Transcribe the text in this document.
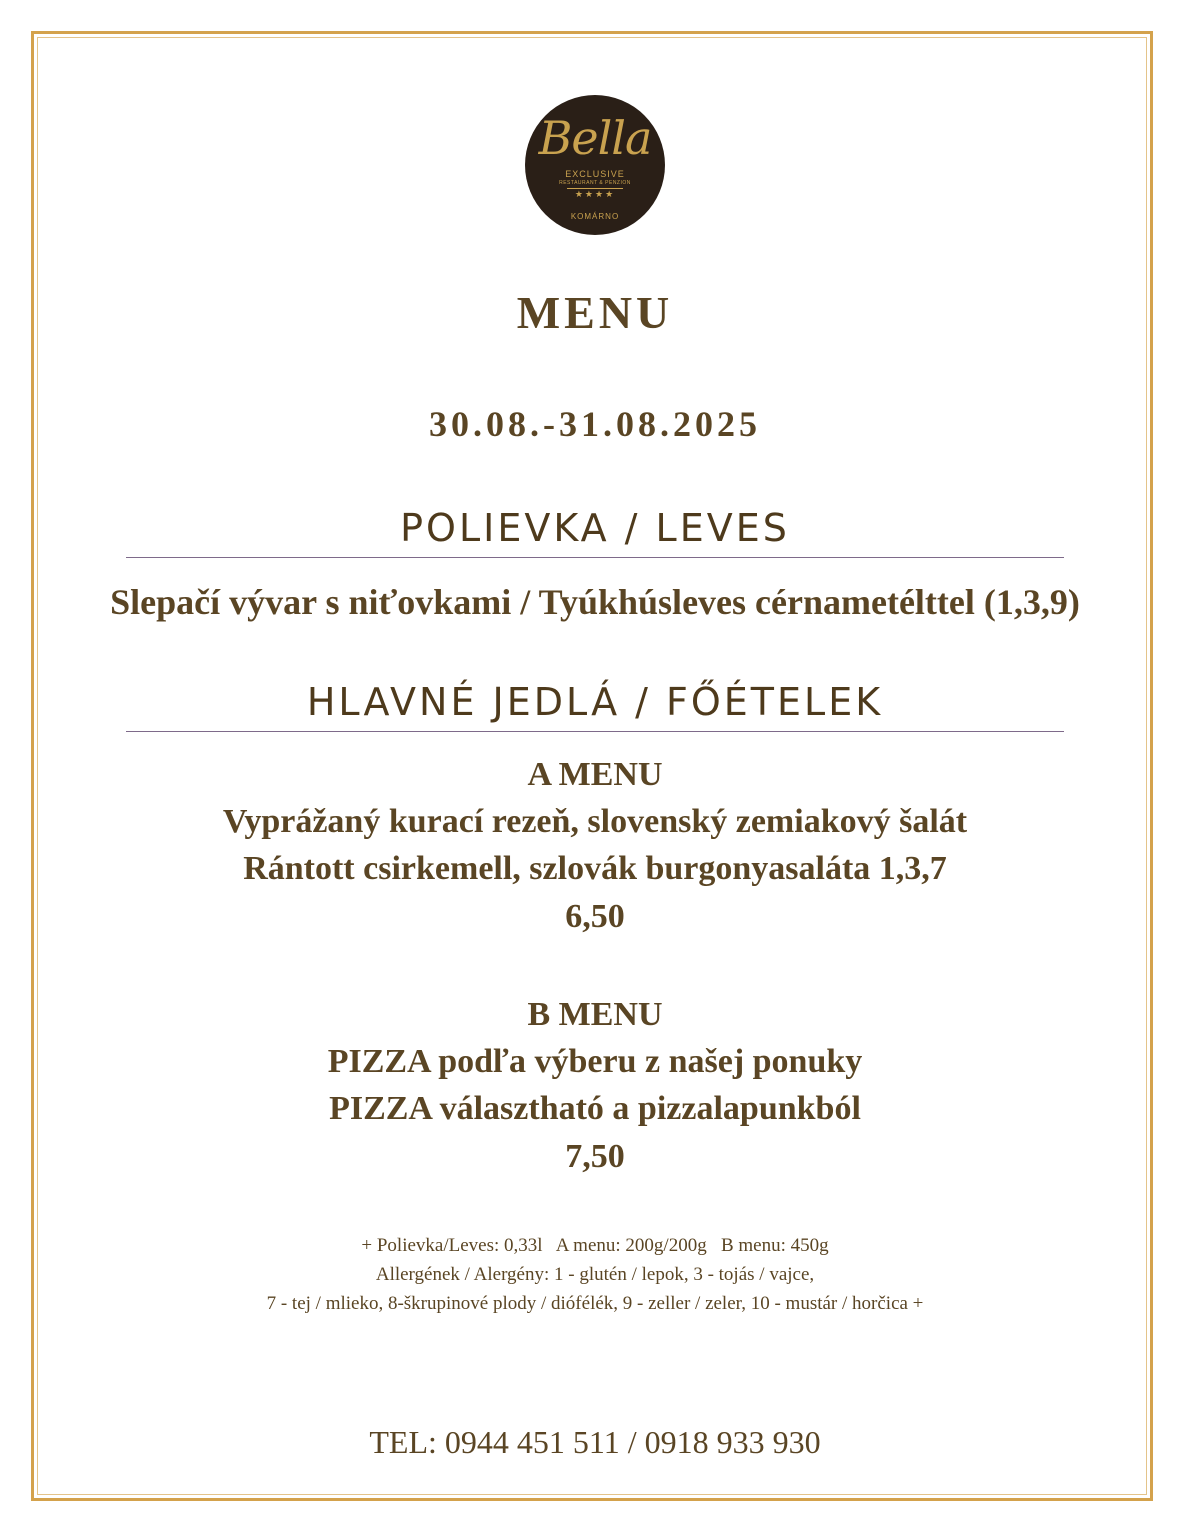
Bella
EXCLUSIVE
RESTAURANT & PENZION
★★★★
KOMÁRNO
MENU
30.08.-31.08.2025
POLIEVKA / LEVES
Slepačí vývar s niťovkami / Tyúkhúsleves cérnametélttel (1,3,9)
HLAVNÉ JEDLÁ / FŐÉTELEK
A MENU
Vyprážaný kurací rezeň, slovenský zemiakový šalát
Rántott csirkemell, szlovák burgonyasaláta 1,3,7
6,50
B MENU
PIZZA podľa výberu z našej ponuky
PIZZA választható a pizzalapunkból
7,50
+ Polievka/Leves: 0,33l   A menu: 200g/200g   B menu: 450g
Allergének / Alergény: 1 - glutén / lepok, 3 - tojás / vajce,
7 - tej / mlieko, 8-škrupinové plody / diófélék, 9 - zeller / zeler, 10 - mustár / horčica +
TEL: 0944 451 511 / 0918 933 930
